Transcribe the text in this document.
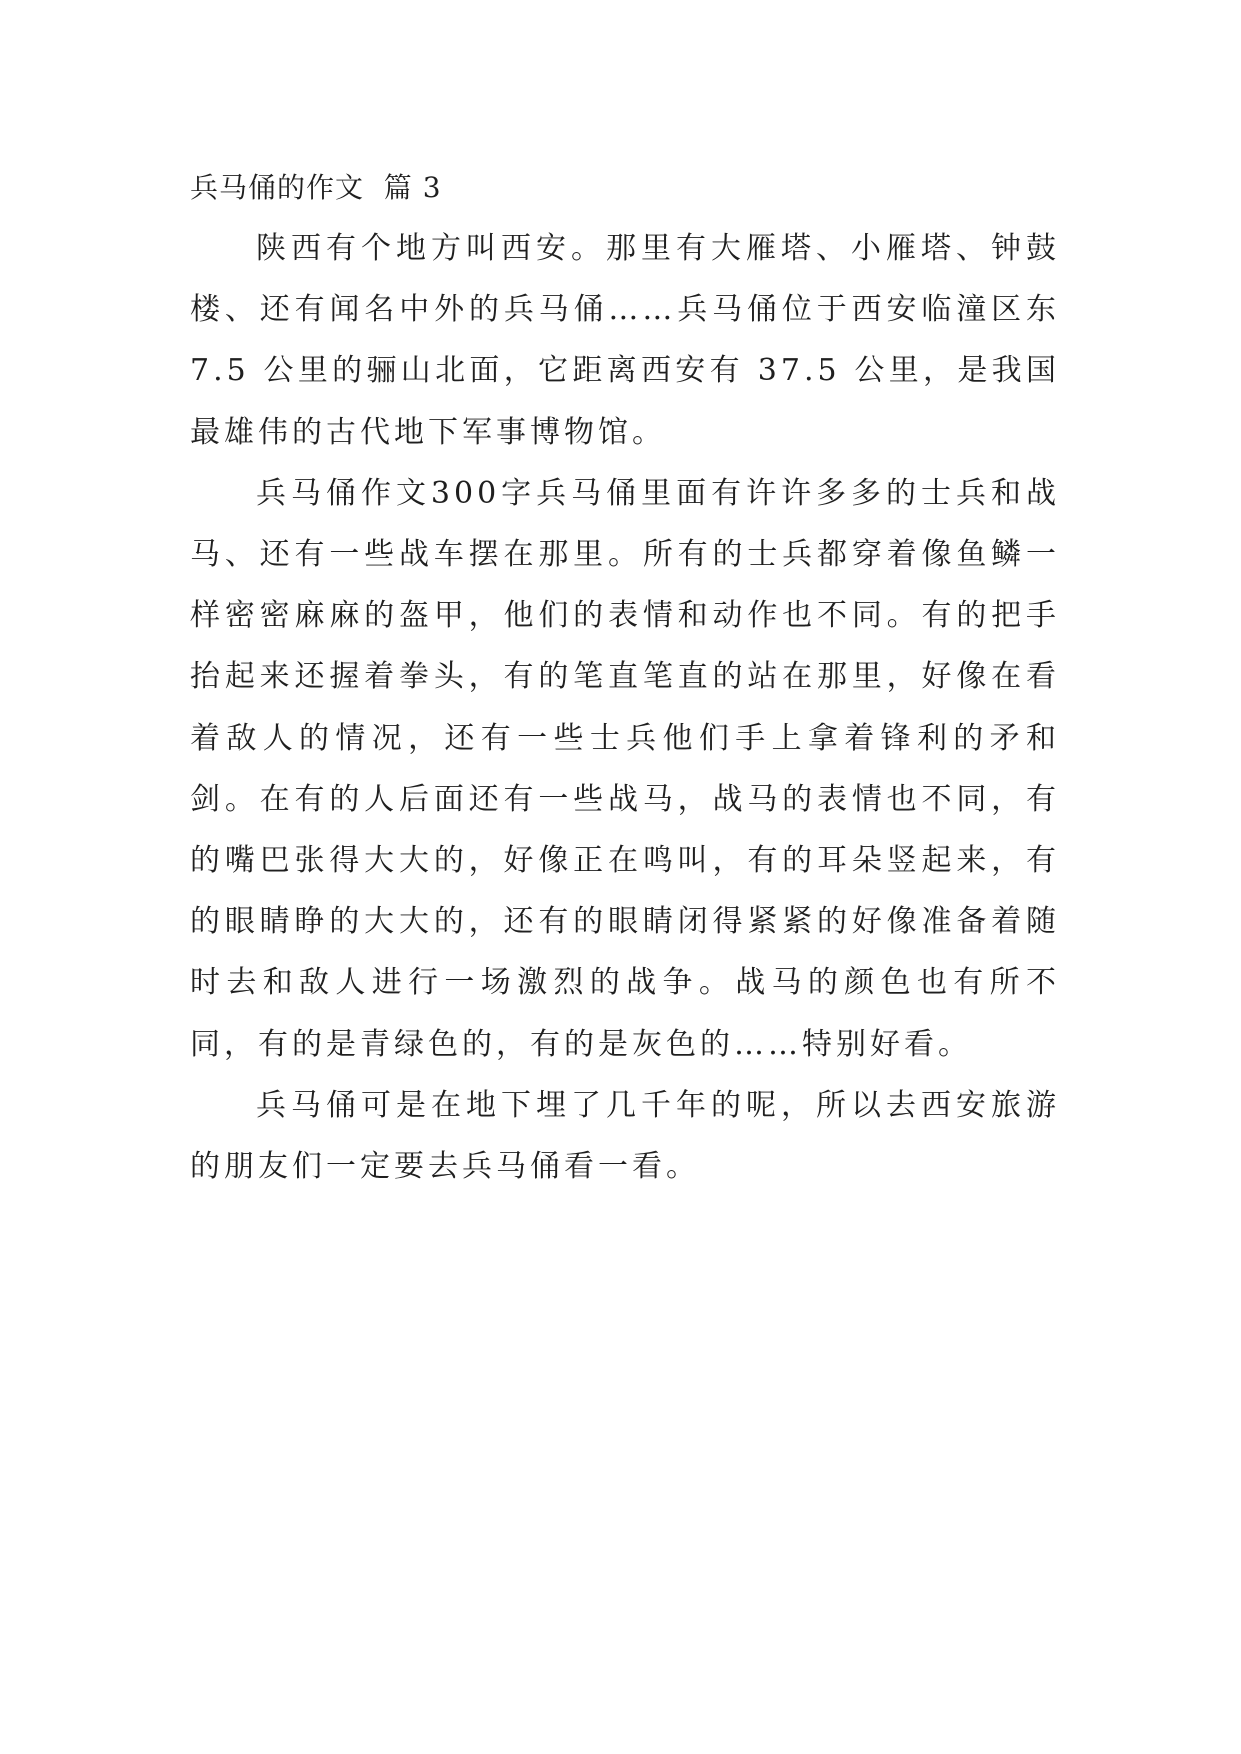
兵马俑的作文  篇 3

陕西有个地方叫西安。那里有大雁塔、小雁塔、钟鼓楼、还有闻名中外的兵马俑……兵马俑位于西安临潼区东 7.5 公里的骊山北面，它距离西安有 37.5 公里，是我国最雄伟的古代地下军事博物馆。

兵马俑作文300字兵马俑里面有许许多多的士兵和战马、还有一些战车摆在那里。所有的士兵都穿着像鱼鳞一样密密麻麻的盔甲，他们的表情和动作也不同。有的把手抬起来还握着拳头，有的笔直笔直的站在那里，好像在看着敌人的情况，还有一些士兵他们手上拿着锋利的矛和剑。在有的人后面还有一些战马，战马的表情也不同，有的嘴巴张得大大的，好像正在鸣叫，有的耳朵竖起来，有的眼睛睁的大大的，还有的眼睛闭得紧紧的好像准备着随时去和敌人进行一场激烈的战争。战马的颜色也有所不同，有的是青绿色的，有的是灰色的……特别好看。

兵马俑可是在地下埋了几千年的呢，所以去西安旅游的朋友们一定要去兵马俑看一看。
